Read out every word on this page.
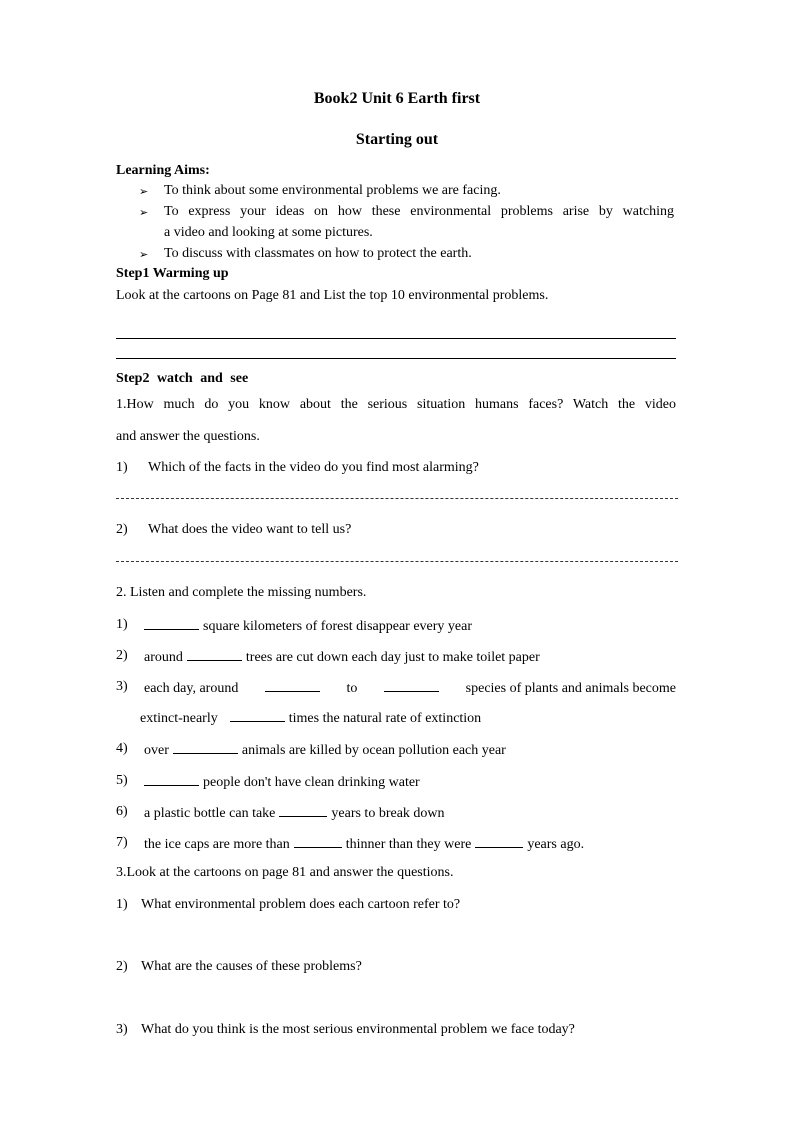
Book2 Unit 6 Earth first
Starting out
Learning Aims:
➢ To think about some environmental problems we are facing.
➢ To express your ideas on how these environmental problems arise by watching
a video and looking at some pictures.
➢ To discuss with classmates on how to protect the earth.
Step1 Warming up
Look at the cartoons on Page 81 and List the top 10 environmental problems.
Step2 watch and see
1.How much do you know about the serious situation humans faces? Watch the video
and answer the questions.
1) Which of the facts in the video do you find most alarming?
2) What does the video want to tell us?
2. Listen and complete the missing numbers.
1)	square kilometers of forest disappear every year
2) around	trees are cut down each day just to make toilet paper
3) each day, around	to	species of plants and animals become
extinct-nearly	times the natural rate of extinction
4) over	animals are killed by ocean pollution each year
5)	people don't have clean drinking water
6) a plastic bottle can take	years to break down
7) the ice caps are more than	thinner than they were	years ago.
3.Look at the cartoons on page 81 and answer the questions.
1) What environmental problem does each cartoon refer to?
2) What are the causes of these problems?
3) What do you think is the most serious environmental problem we face today?
